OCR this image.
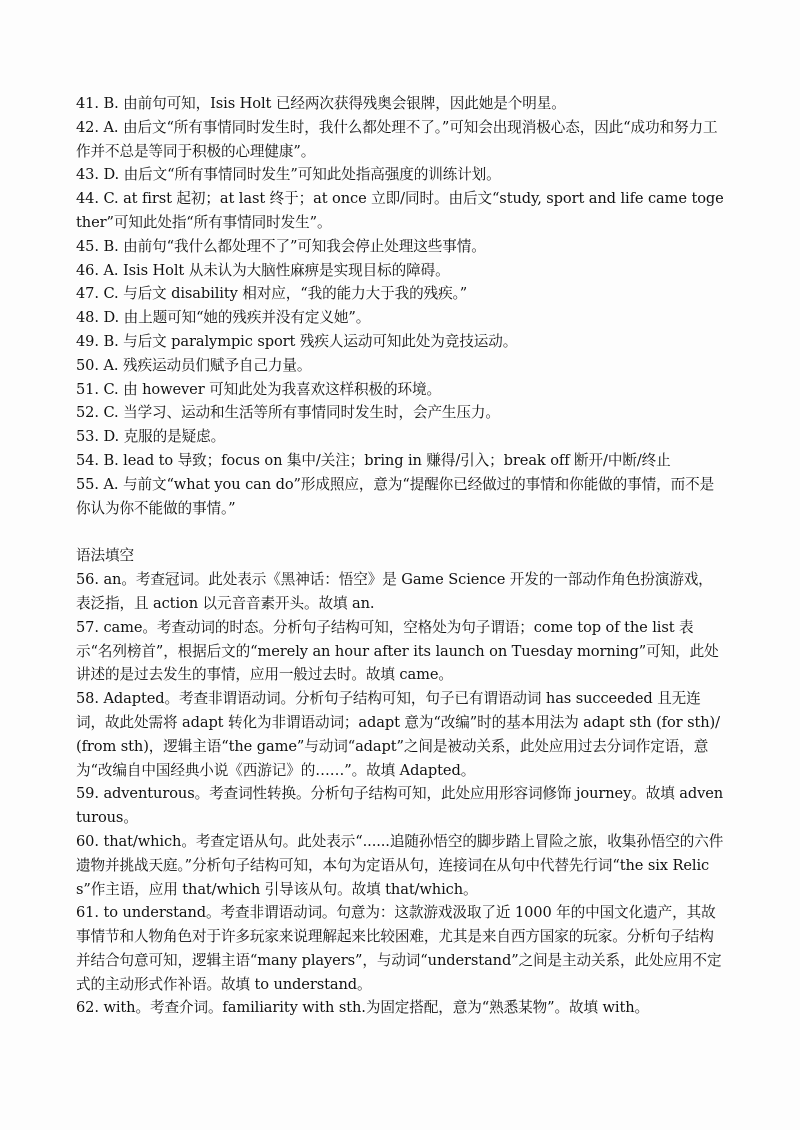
41. B. 由前句可知，Isis Holt 已经两次获得残奥会银牌，因此她是个明星。

42. A. 由后文“所有事情同时发生时，我什么都处理不了。”可知会出现消极心态，因此“成功和努力工作并不总是等同于积极的心理健康”。

43. D. 由后文“所有事情同时发生”可知此处指高强度的训练计划。

44. C. at first 起初；at last 终于；at once 立即/同时。由后文“study, sport and life came together”可知此处指“所有事情同时发生”。

45. B. 由前句“我什么都处理不了”可知我会停止处理这些事情。

46. A. Isis Holt 从未认为大脑性麻痹是实现目标的障碍。

47. C. 与后文 disability 相对应，“我的能力大于我的残疾。”

48. D. 由上题可知“她的残疾并没有定义她”。

49. B. 与后文 paralympic sport 残疾人运动可知此处为竞技运动。

50. A. 残疾运动员们赋予自己力量。

51. C. 由 however 可知此处为我喜欢这样积极的环境。

52. C. 当学习、运动和生活等所有事情同时发生时，会产生压力。

53. D. 克服的是疑虑。

54. B. lead to 导致；focus on 集中/关注；bring in 赚得/引入；break off 断开/中断/终止

55. A. 与前文“what you can do”形成照应，意为“提醒你已经做过的事情和你能做的事情，而不是你认为你不能做的事情。”

语法填空

56. an。考查冠词。此处表示《黑神话：悟空》是 Game Science 开发的一部动作角色扮演游戏，表泛指，且 action 以元音音素开头。故填 an.

57. came。考查动词的时态。分析句子结构可知，空格处为句子谓语；come top of the list 表示“名列榜首”，根据后文的“merely an hour after its launch on Tuesday morning”可知，此处讲述的是过去发生的事情，应用一般过去时。故填 came。

58. Adapted。考查非谓语动词。分析句子结构可知，句子已有谓语动词 has succeeded 且无连词，故此处需将 adapt 转化为非谓语动词；adapt 意为“改编”时的基本用法为 adapt sth (for sth)/(from sth)，逻辑主语“the game”与动词“adapt”之间是被动关系，此处应用过去分词作定语，意为“改编自中国经典小说《西游记》的……”。故填 Adapted。

59. adventurous。考查词性转换。分析句子结构可知，此处应用形容词修饰 journey。故填 adventurous。

60. that/which。考查定语从句。此处表示“......追随孙悟空的脚步踏上冒险之旅，收集孙悟空的六件遗物并挑战天庭。”分析句子结构可知，本句为定语从句，连接词在从句中代替先行词“the six Relics”作主语，应用 that/which 引导该从句。故填 that/which。

61. to understand。考查非谓语动词。句意为：这款游戏汲取了近 1000 年的中国文化遗产，其故事情节和人物角色对于许多玩家来说理解起来比较困难，尤其是来自西方国家的玩家。分析句子结构并结合句意可知，逻辑主语“many players”，与动词“understand”之间是主动关系，此处应用不定式的主动形式作补语。故填 to understand。

62. with。考查介词。familiarity with sth.为固定搭配，意为“熟悉某物”。故填 with。
